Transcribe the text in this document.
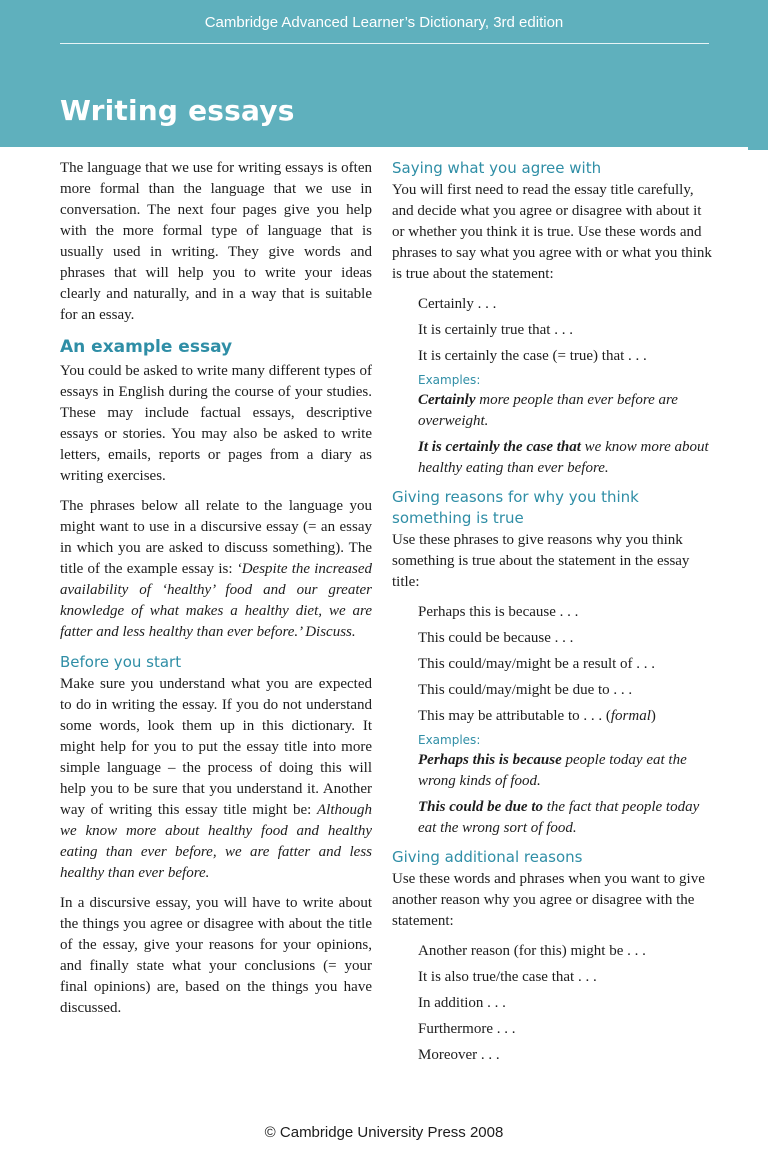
Cambridge Advanced Learner’s Dictionary, 3rd edition
Writing essays

The language that we use for writing essays is often more formal than the language that we use in conversation. The next four pages give you help with the more formal type of language that is usually used in writing. They give words and phrases that will help you to write your ideas clearly and naturally, and in a way that is suitable for an essay.

An example essay

You could be asked to write many different types of essays in English during the course of your studies. These may include factual essays, descriptive essays or stories. You may also be asked to write letters, emails, reports or pages from a diary as writing exercises.

The phrases below all relate to the language you might want to use in a discursive essay (= an essay in which you are asked to discuss something). The title of the example essay is: ‘Despite the increased availability of ‘healthy’ food and our greater knowledge of what makes a healthy diet, we are fatter and less healthy than ever before.’ Discuss.

Before you start

Make sure you understand what you are expected to do in writing the essay. If you do not understand some words, look them up in this dictionary. It might help for you to put the essay title into more simple language – the process of doing this will help you to be sure that you understand it. Another way of writing this essay title might be: Although we know more about healthy food and healthy eating than ever before, we are fatter and less healthy than ever before.

In a discursive essay, you will have to write about the things you agree or disagree with about the title of the essay, give your reasons for your opinions, and finally state what your conclusions (= your final opinions) are, based on the things you have discussed.

Saying what you agree with

You will first need to read the essay title carefully, and decide what you agree or disagree with about it or whether you think it is true. Use these words and phrases to say what you agree with or what you think is true about the statement:

Certainly . . .
It is certainly true that . . .
It is certainly the case (= true) that . . .
Examples:
Certainly more people than ever before are overweight.
It is certainly the case that we know more about healthy eating than ever before.
Giving reasons for why you think something is true

Use these phrases to give reasons why you think something is true about the statement in the essay title:

Perhaps this is because . . .
This could be because . . .
This could/may/might be a result of . . .
This could/may/might be due to . . .
This may be attributable to . . . (formal)
Examples:
Perhaps this is because people today eat the wrong kinds of food.
This could be due to the fact that people today eat the wrong sort of food.
Giving additional reasons

Use these words and phrases when you want to give another reason why you agree or disagree with the statement:

Another reason (for this) might be . . .
It is also true/the case that . . .
In addition . . .
Furthermore . . .
Moreover . . .
© Cambridge University Press 2008
